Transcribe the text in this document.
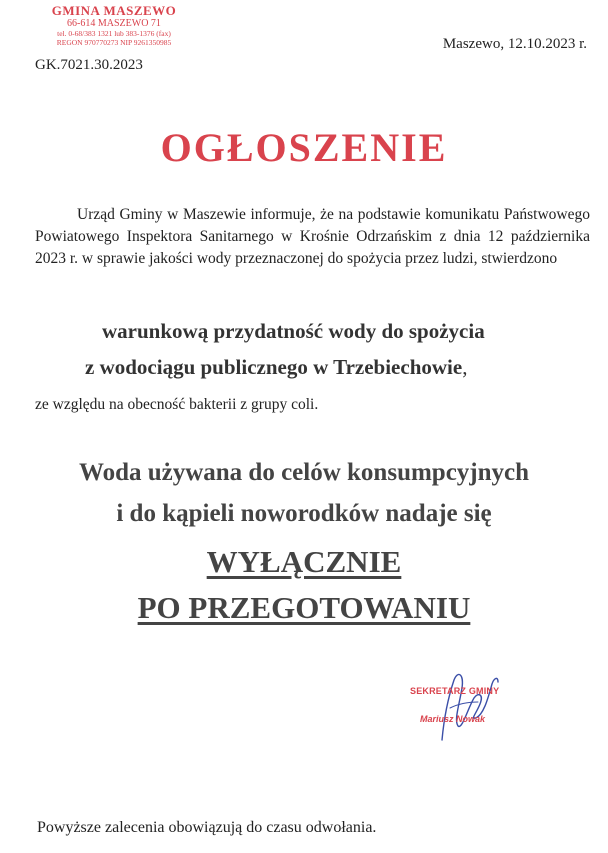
GMINA MASZEWO
66-614 MASZEWO 71
tel. 0-68/383 1321 lub 383-1376 (fax)
REGON 970770273 NIP 9261350985	Maszewo, 12.10.2023 r.
GK.7021.30.2023
OGŁOSZENIE
Urząd Gminy w Maszewie informuje, że na podstawie komunikatu Państwowego Powiatowego Inspektora Sanitarnego w Krośnie Odrzańskim z dnia 12 października 2023 r. w sprawie jakości wody przeznaczonej do spożycia przez ludzi, stwierdzono
warunkową przydatność wody do spożycia
z wodociągu publicznego w Trzebiechowie,
ze względu na obecność bakterii z grupy coli.
Woda używana do celów konsumpcyjnych
i do kąpieli noworodków nadaje się
WYŁĄCZNIE
PO PRZEGOTOWANIU
SEKRETARZ GMINY
Mariusz Nowak
Powyższe zalecenia obowiązują do czasu odwołania.
